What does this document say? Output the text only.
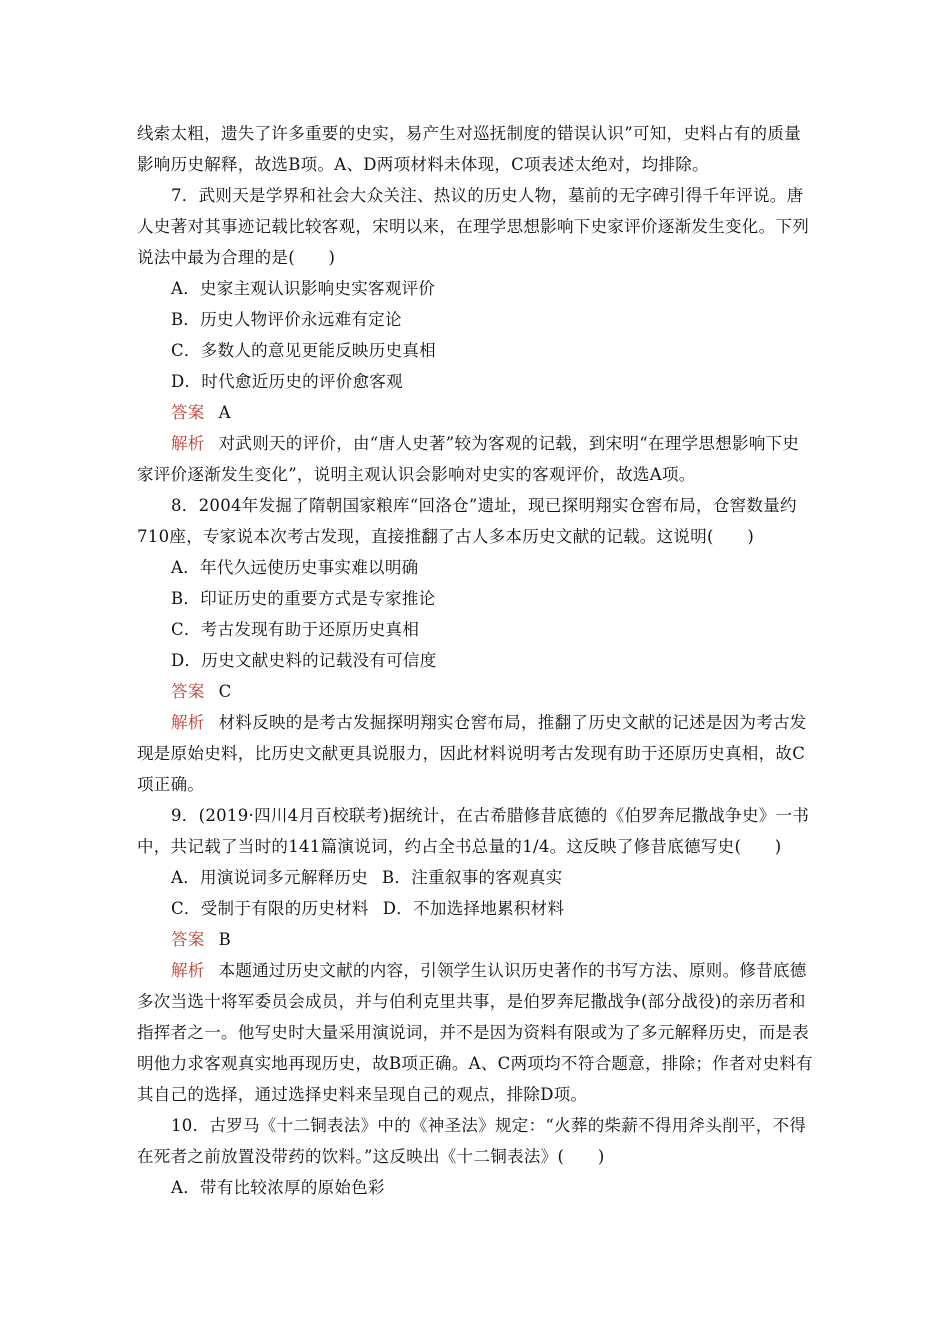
线索太粗，遗失了许多重要的史实，易产生对巡抚制度的错误认识”可知，史料占有的质量影响历史解释，故选B项。A、D两项材料未体现，C项表述太绝对，均排除。

7．武则天是学界和社会大众关注、热议的历史人物，墓前的无字碑引得千年评说。唐人史著对其事迹记载比较客观，宋明以来，在理学思想影响下史家评价逐渐发生变化。下列说法中最为合理的是(　　)

A．史家主观认识影响史实客观评价

B．历史人物评价永远难有定论

C．多数人的意见更能反映历史真相

D．时代愈近历史的评价愈客观

答案 A

解析 对武则天的评价，由“唐人史著”较为客观的记载，到宋明“在理学思想影响下史家评价逐渐发生变化”，说明主观认识会影响对史实的客观评价，故选A项。

8．2004年发掘了隋朝国家粮库“回洛仓”遗址，现已探明翔实仓窖布局，仓窖数量约710座，专家说本次考古发现，直接推翻了古人多本历史文献的记载。这说明(　　)

A．年代久远使历史事实难以明确

B．印证历史的重要方式是专家推论

C．考古发现有助于还原历史真相

D．历史文献史料的记载没有可信度

答案 C

解析 材料反映的是考古发掘探明翔实仓窖布局，推翻了历史文献的记述是因为考古发现是原始史料，比历史文献更具说服力，因此材料说明考古发现有助于还原历史真相，故C项正确。

9．(2019·四川4月百校联考)据统计，在古希腊修昔底德的《伯罗奔尼撒战争史》一书中，共记载了当时的141篇演说词，约占全书总量的1/4。这反映了修昔底德写史(　　)

A．用演说词多元解释历史 B．注重叙事的客观真实

C．受制于有限的历史材料 D．不加选择地累积材料

答案 B

解析 本题通过历史文献的内容，引领学生认识历史著作的书写方法、原则。修昔底德多次当选十将军委员会成员，并与伯利克里共事，是伯罗奔尼撒战争(部分战役)的亲历者和指挥者之一。他写史时大量采用演说词，并不是因为资料有限或为了多元解释历史，而是表明他力求客观真实地再现历史，故B项正确。A、C两项均不符合题意，排除；作者对史料有其自己的选择，通过选择史料来呈现自己的观点，排除D项。

10．古罗马《十二铜表法》中的《神圣法》规定：“火葬的柴薪不得用斧头削平，不得在死者之前放置没带药的饮料。”这反映出《十二铜表法》(　　)

A．带有比较浓厚的原始色彩
